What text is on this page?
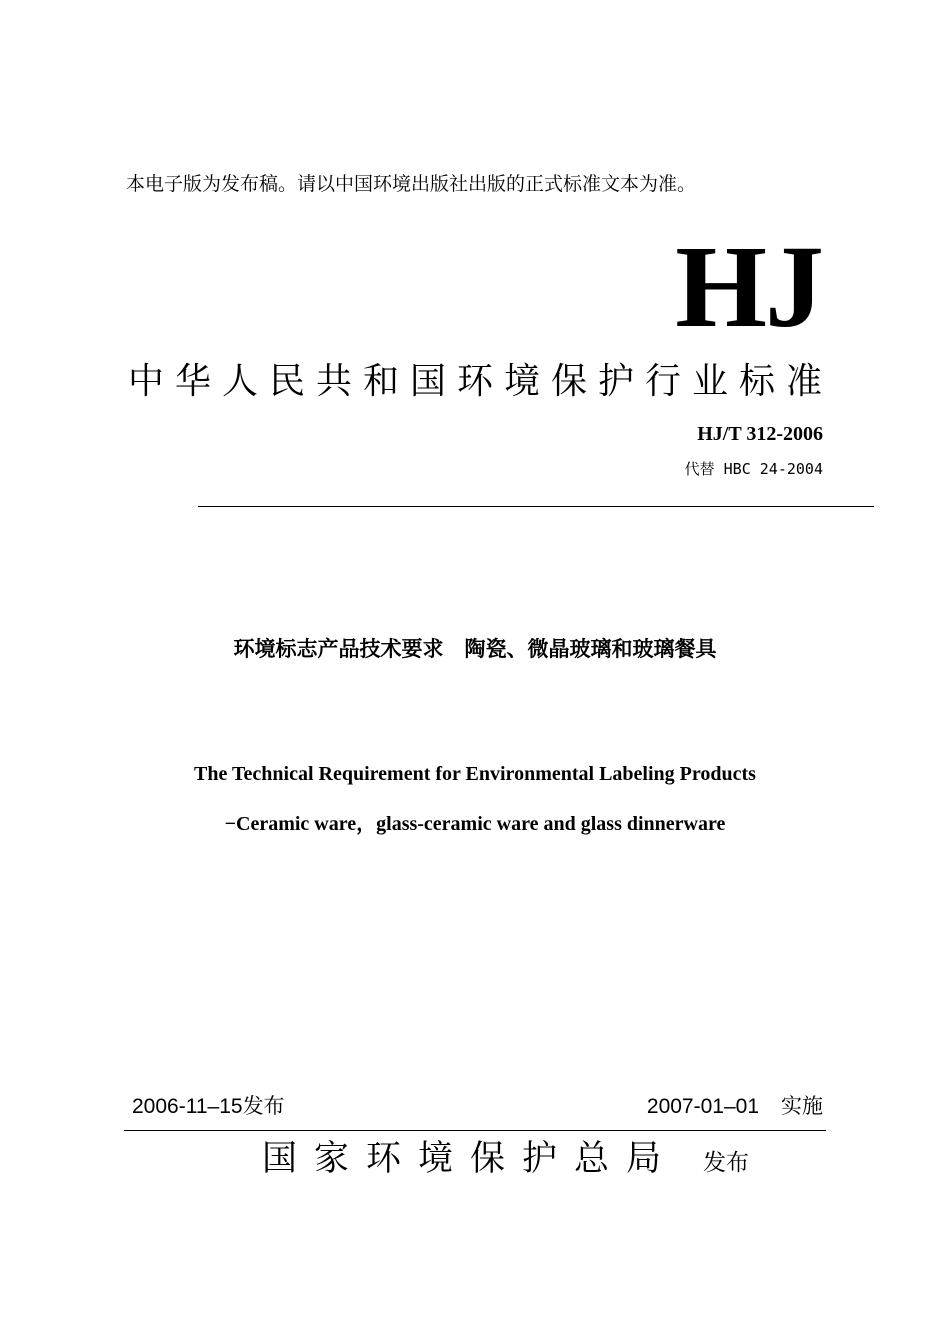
本电子版为发布稿。请以中国环境出版社出版的正式标准文本为准。
HJ
中华人民共和国环境保护行业标准
HJ/T 312-2006
代替 HBC 24-2004
环境标志产品技术要求　陶瓷、微晶玻璃和玻璃餐具
The Technical Requirement for Environmental Labeling Products
−Ceramic ware，glass-ceramic ware and glass dinnerware
2006-11–15发布	2007-01–01 实施
国家环境保护总局 发布
